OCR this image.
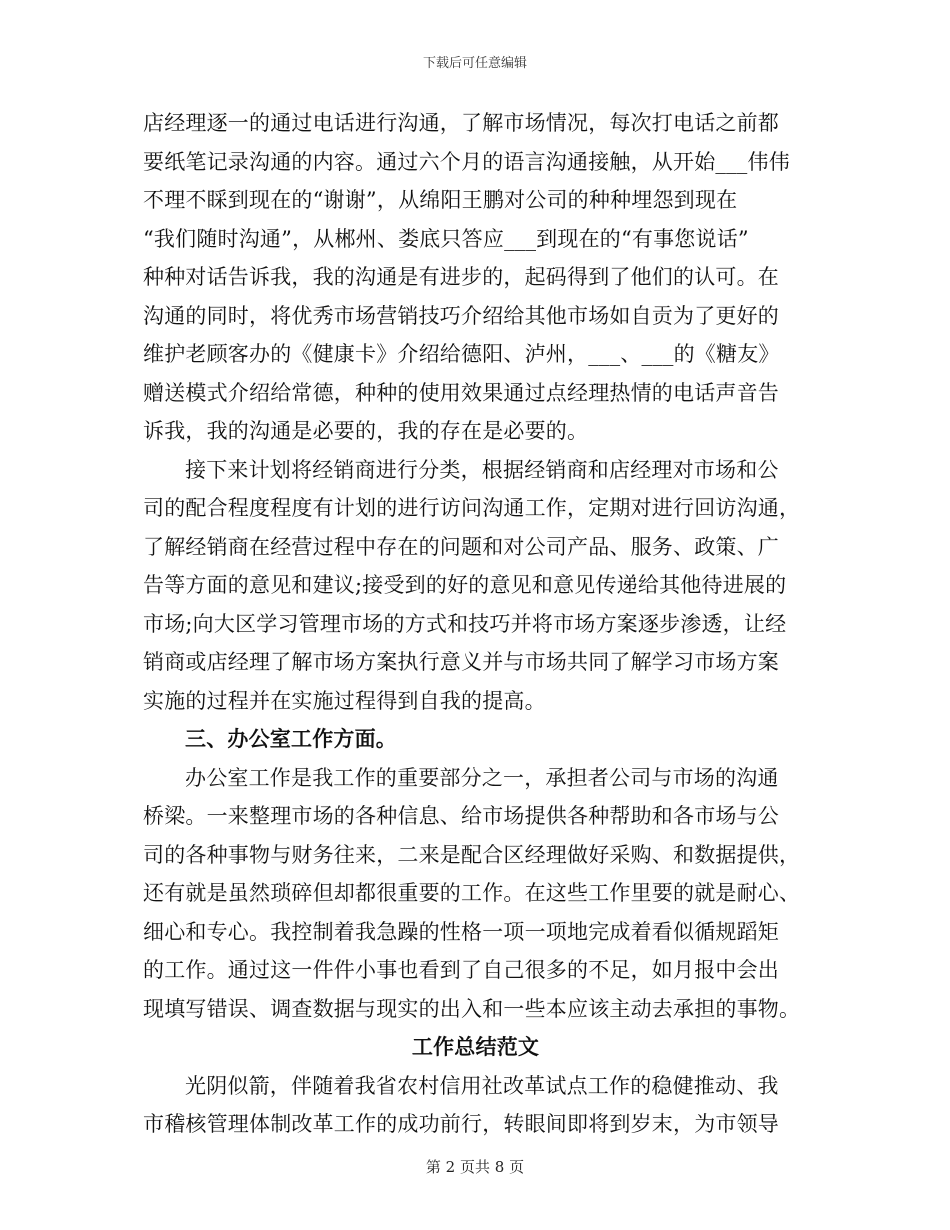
下载后可任意编辑

店经理逐一的通过电话进行沟通，了解市场情况，每次打电话之前都
要纸笔记录沟通的内容。通过六个月的语言沟通接触，从开始___伟伟
不理不睬到现在的“谢谢”，从绵阳王鹏对公司的种种埋怨到现在
“我们随时沟通”，从郴州、娄底只答应___到现在的“有事您说话”
种种对话告诉我，我的沟通是有进步的，起码得到了他们的认可。在
沟通的同时，将优秀市场营销技巧介绍给其他市场如自贡为了更好的
维护老顾客办的《健康卡》介绍给德阳、泸州，___、___的《糖友》
赠送模式介绍给常德，种种的使用效果通过点经理热情的电话声音告
诉我，我的沟通是必要的，我的存在是必要的。

接下来计划将经销商进行分类，根据经销商和店经理对市场和公
司的配合程度程度有计划的进行访问沟通工作，定期对进行回访沟通，
了解经销商在经营过程中存在的问题和对公司产品、服务、政策、广
告等方面的意见和建议;接受到的好的意见和意见传递给其他待进展的
市场;向大区学习管理市场的方式和技巧并将市场方案逐步渗透，让经
销商或店经理了解市场方案执行意义并与市场共同了解学习市场方案
实施的过程并在实施过程得到自我的提高。

三、办公室工作方面。

办公室工作是我工作的重要部分之一，承担者公司与市场的沟通
桥梁。一来整理市场的各种信息、给市场提供各种帮助和各市场与公
司的各种事物与财务往来，二来是配合区经理做好采购、和数据提供，
还有就是虽然琐碎但却都很重要的工作。在这些工作里要的就是耐心、
细心和专心。我控制着我急躁的性格一项一项地完成着看似循规蹈矩
的工作。通过这一件件小事也看到了自己很多的不足，如月报中会出
现填写错误、调查数据与现实的出入和一些本应该主动去承担的事物。

工作总结范文

光阴似箭，伴随着我省农村信用社改革试点工作的稳健推动、我
市稽核管理体制改革工作的成功前行，转眼间即将到岁末，为市领导

第 2 页共 8 页
